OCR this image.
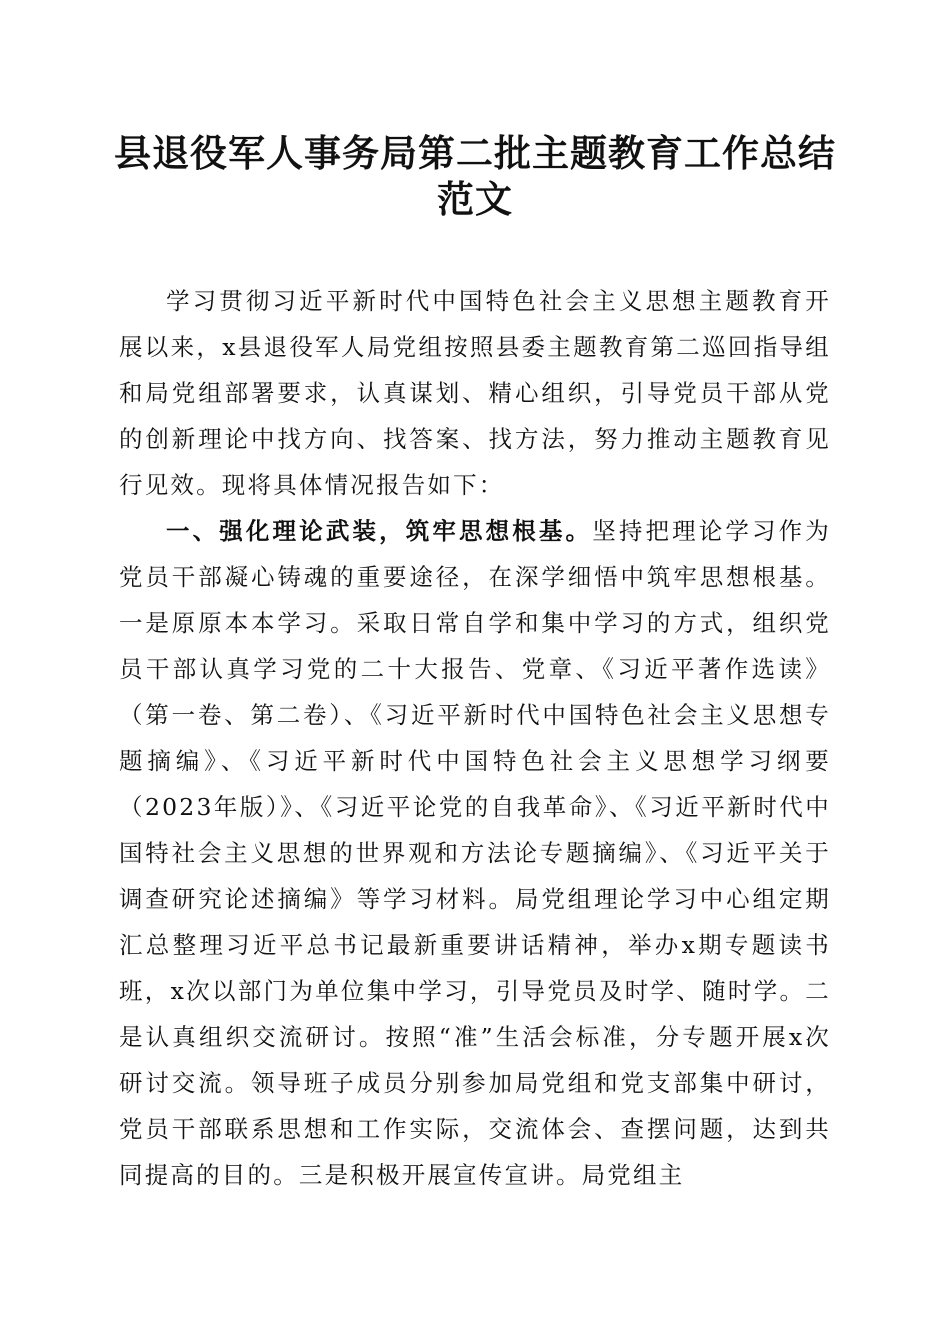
县退役军人事务局第二批主题教育工作总结范文

学习贯彻习近平新时代中国特色社会主义思想主题教育开展以来，x县退役军人局党组按照县委主题教育第二巡回指导组和局党组部署要求，认真谋划、精心组织，引导党员干部从党的创新理论中找方向、找答案、找方法，努力推动主题教育见行见效。现将具体情况报告如下：

一、强化理论武装，筑牢思想根基。坚持把理论学习作为党员干部凝心铸魂的重要途径，在深学细悟中筑牢思想根基。一是原原本本学习。采取日常自学和集中学习的方式，组织党员干部认真学习党的二十大报告、党章、《习近平著作选读》（第一卷、第二卷）、《习近平新时代中国特色社会主义思想专题摘编》、《习近平新时代中国特色社会主义思想学习纲要（2023年版）》、《习近平论党的自我革命》、《习近平新时代中国特社会主义思想的世界观和方法论专题摘编》、《习近平关于调查研究论述摘编》等学习材料。局党组理论学习中心组定期汇总整理习近平总书记最新重要讲话精神，举办x期专题读书班，x次以部门为单位集中学习，引导党员及时学、随时学。二是认真组织交流研讨。按照“准”生活会标准，分专题开展x次研讨交流。领导班子成员分别参加局党组和党支部集中研讨，党员干部联系思想和工作实际，交流体会、查摆问题，达到共同提高的目的。三是积极开展宣传宣讲。局党组主
